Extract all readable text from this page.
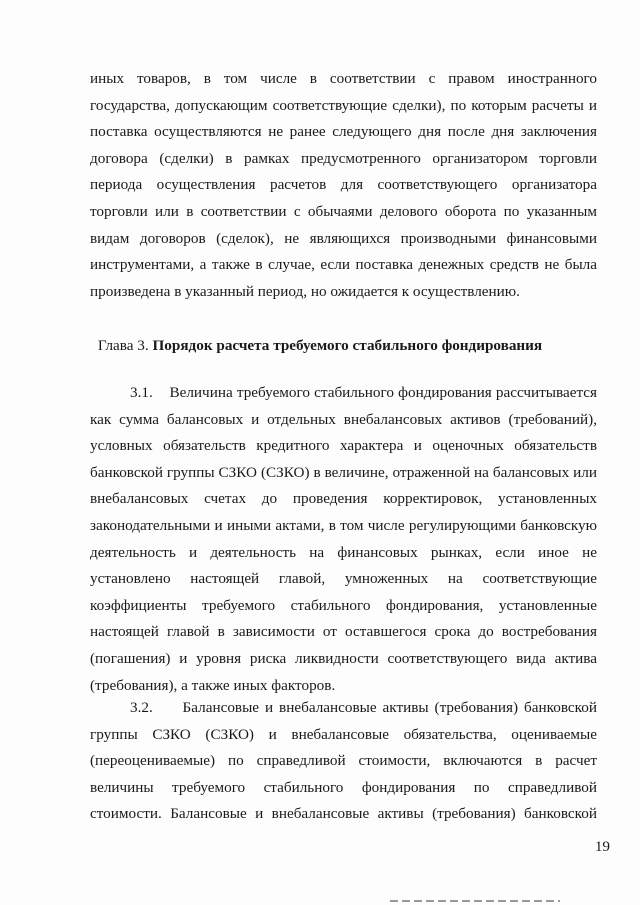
иных товаров, в том числе в соответствии с правом иностранного государства, допускающим соответствующие сделки), по которым расчеты и поставка осуществляются не ранее следующего дня после дня заключения договора (сделки) в рамках предусмотренного организатором торговли периода осуществления расчетов для соответствующего организатора торговли или в соответствии с обычаями делового оборота по указанным видам договоров (сделок), не являющихся производными финансовыми инструментами, а также в случае, если поставка денежных средств не была произведена в указанный период, но ожидается к осуществлению.

Глава 3. Порядок расчета требуемого стабильного фондирования
3.1. Величина требуемого стабильного фондирования рассчитывается как сумма балансовых и отдельных внебалансовых активов (требований), условных обязательств кредитного характера и оценочных обязательств банковской группы СЗКО (СЗКО) в величине, отраженной на балансовых или внебалансовых счетах до проведения корректировок, установленных законодательными и иными актами, в том числе регулирующими банковскую деятельность и деятельность на финансовых рынках, если иное не установлено настоящей главой, умноженных на соответствующие коэффициенты требуемого стабильного фондирования, установленные настоящей главой в зависимости от оставшегося срока до востребования (погашения) и уровня риска ликвидности соответствующего вида актива (требования), а также иных факторов.
3.2. Балансовые и внебалансовые активы (требования) банковской группы СЗКО (СЗКО) и внебалансовые обязательства, оцениваемые (переоцениваемые) по справедливой стоимости, включаются в расчет величины требуемого стабильного фондирования по справедливой стоимости. Балансовые и внебалансовые активы (требования) банковской
19
